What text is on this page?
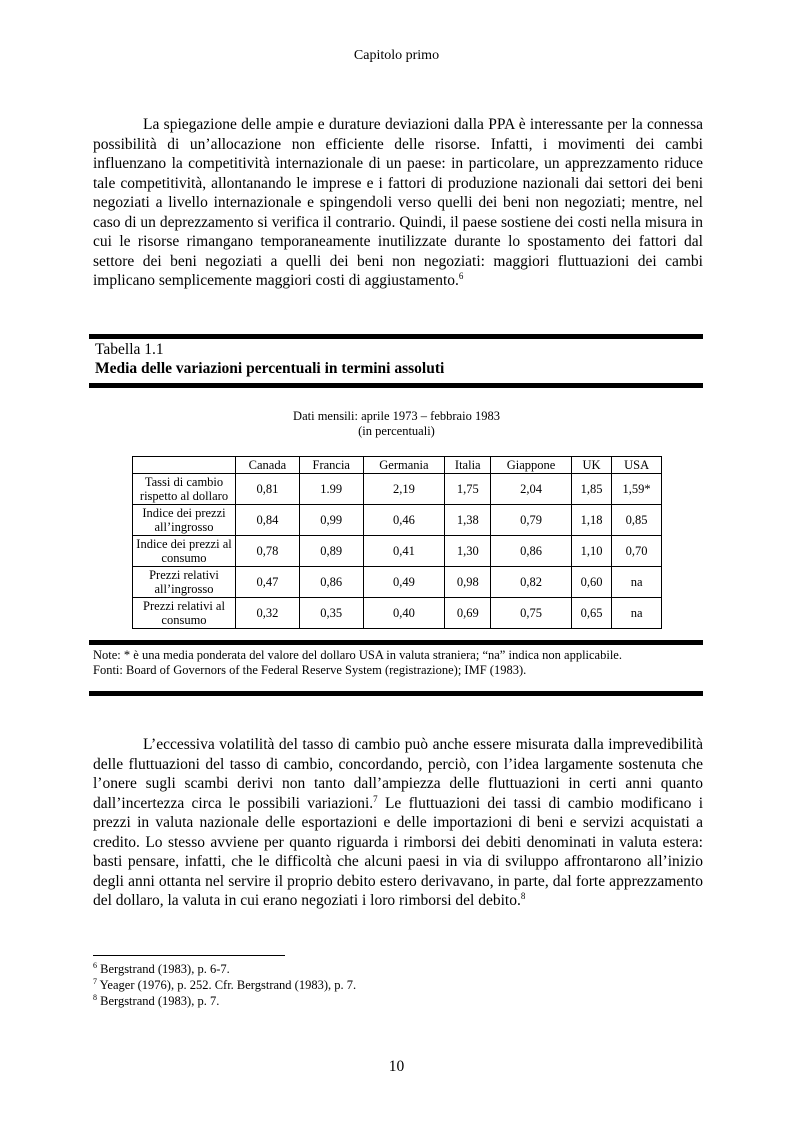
Capitolo primo

La spiegazione delle ampie e durature deviazioni dalla PPA è interessante per la connessa possibilità di un’allocazione non efficiente delle risorse. Infatti, i movimenti dei cambi influenzano la competitività internazionale di un paese: in particolare, un apprezzamento riduce tale competitività, allontanando le imprese e i fattori di produzione nazionali dai settori dei beni negoziati a livello internazionale e spingendoli verso quelli dei beni non negoziati; mentre, nel caso di un deprezzamento si verifica il contrario. Quindi, il paese sostiene dei costi nella misura in cui le risorse rimangano temporaneamente inutilizzate durante lo spostamento dei fattori dal settore dei beni negoziati a quelli dei beni non negoziati: maggiori fluttuazioni dei cambi implicano semplicemente maggiori costi di aggiustamento.$^6$

Tabella 1.1
Media delle variazioni percentuali in termini assoluti
Dati mensili: aprile 1973 – febbraio 1983
(in percentuali)
	Canada	Francia	Germania	Italia	Giappone	UK	USA
Tassi di cambio rispetto al dollaro	0,81	1.99	2,19	1,75	2,04	1,85	1,59*
Indice dei prezzi all’ingrosso	0,84	0,99	0,46	1,38	0,79	1,18	0,85
Indice dei prezzi al consumo	0,78	0,89	0,41	1,30	0,86	1,10	0,70
Prezzi relativi all’ingrosso	0,47	0,86	0,49	0,98	0,82	0,60	na
Prezzi relativi al consumo	0,32	0,35	0,40	0,69	0,75	0,65	na
Note: * è una media ponderata del valore del dollaro USA in valuta straniera; “na” indica non applicabile.
Fonti: Board of Governors of the Federal Reserve System (registrazione); IMF (1983).

L’eccessiva volatilità del tasso di cambio può anche essere misurata dalla imprevedibilità delle fluttuazioni del tasso di cambio, concordando, perciò, con l’idea largamente sostenuta che l’onere sugli scambi derivi non tanto dall’ampiezza delle fluttuazioni in certi anni quanto dall’incertezza circa le possibili variazioni.$^7$ Le fluttuazioni dei tassi di cambio modificano i prezzi in valuta nazionale delle esportazioni e delle importazioni di beni e servizi acquistati a credito. Lo stesso avviene per quanto riguarda i rimborsi dei debiti denominati in valuta estera: basti pensare, infatti, che le difficoltà che alcuni paesi in via di sviluppo affrontarono all’inizio degli anni ottanta nel servire il proprio debito estero derivavano, in parte, dal forte apprezzamento del dollaro, la valuta in cui erano negoziati i loro rimborsi del debito.$^8$

$^6$ Bergstrand (1983), p. 6-7.
$^7$ Yeager (1976), p. 252. Cfr. Bergstrand (1983), p. 7.
$^8$ Bergstrand (1983), p. 7.
10
